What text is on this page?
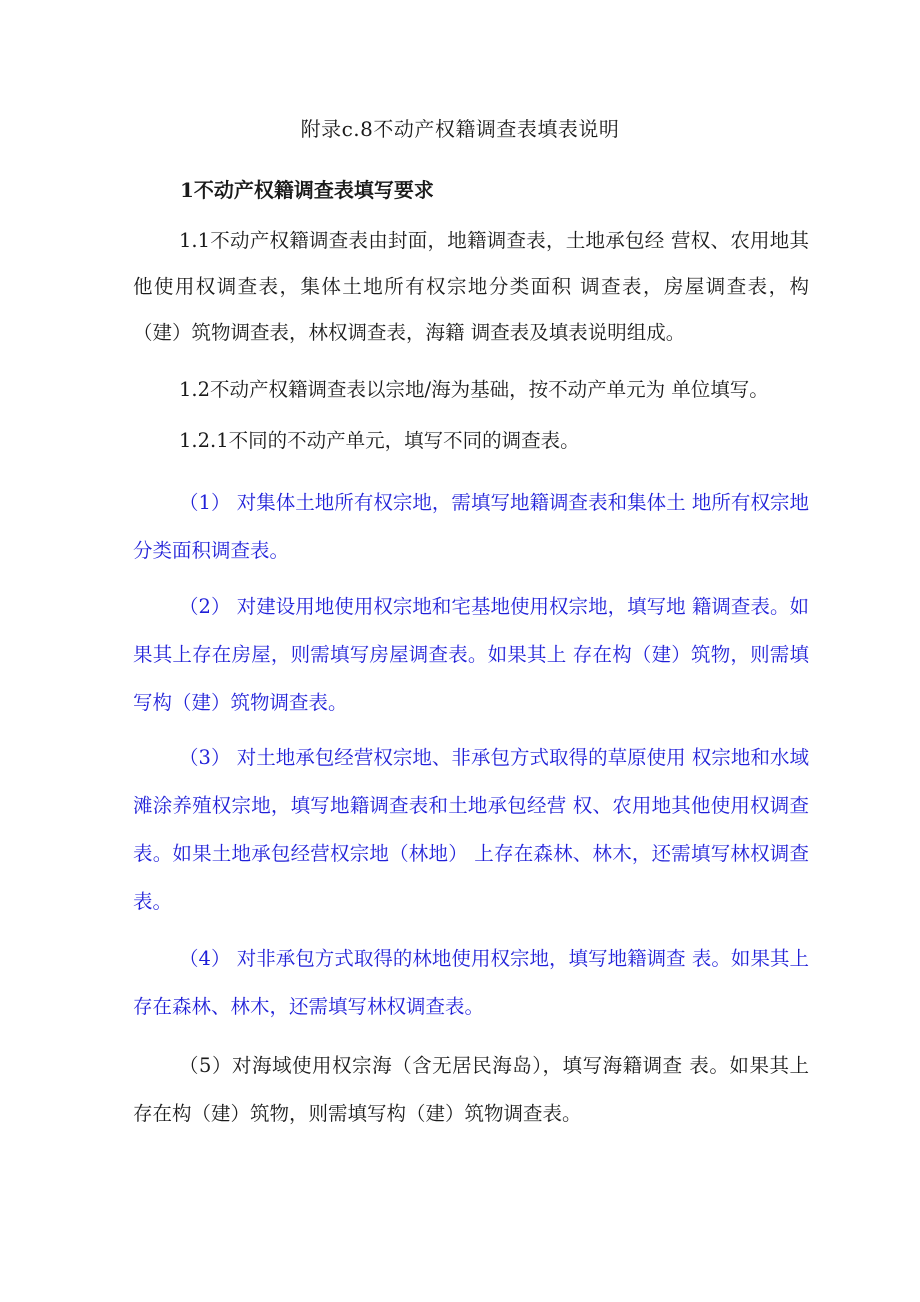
附录c.8不动产权籍调查表填表说明
1不动产权籍调查表填写要求

1.1不动产权籍调查表由封面，地籍调查表，土地承包经 营权、农用地其他使用权调查表，集体土地所有权宗地分类面积 调查表，房屋调查表，构（建）筑物调查表，林权调查表，海籍 调查表及填表说明组成。

1.2不动产权籍调查表以宗地/海为基础，按不动产单元为 单位填写。

1.2.1不同的不动产单元，填写不同的调查表。

（1） 对集体土地所有权宗地，需填写地籍调查表和集体土 地所有权宗地分类面积调查表。

（2） 对建设用地使用权宗地和宅基地使用权宗地，填写地 籍调查表。如果其上存在房屋，则需填写房屋调查表。如果其上 存在构（建）筑物，则需填写构（建）筑物调查表。

（3） 对土地承包经营权宗地、非承包方式取得的草原使用 权宗地和水域滩涂养殖权宗地，填写地籍调查表和土地承包经营 权、农用地其他使用权调查表。如果土地承包经营权宗地（林地） 上存在森林、林木，还需填写林权调查表。

（4） 对非承包方式取得的林地使用权宗地，填写地籍调查 表。如果其上存在森林、林木，还需填写林权调查表。

（5）对海域使用权宗海（含无居民海岛），填写海籍调查 表。如果其上存在构（建）筑物，则需填写构（建）筑物调查表。
